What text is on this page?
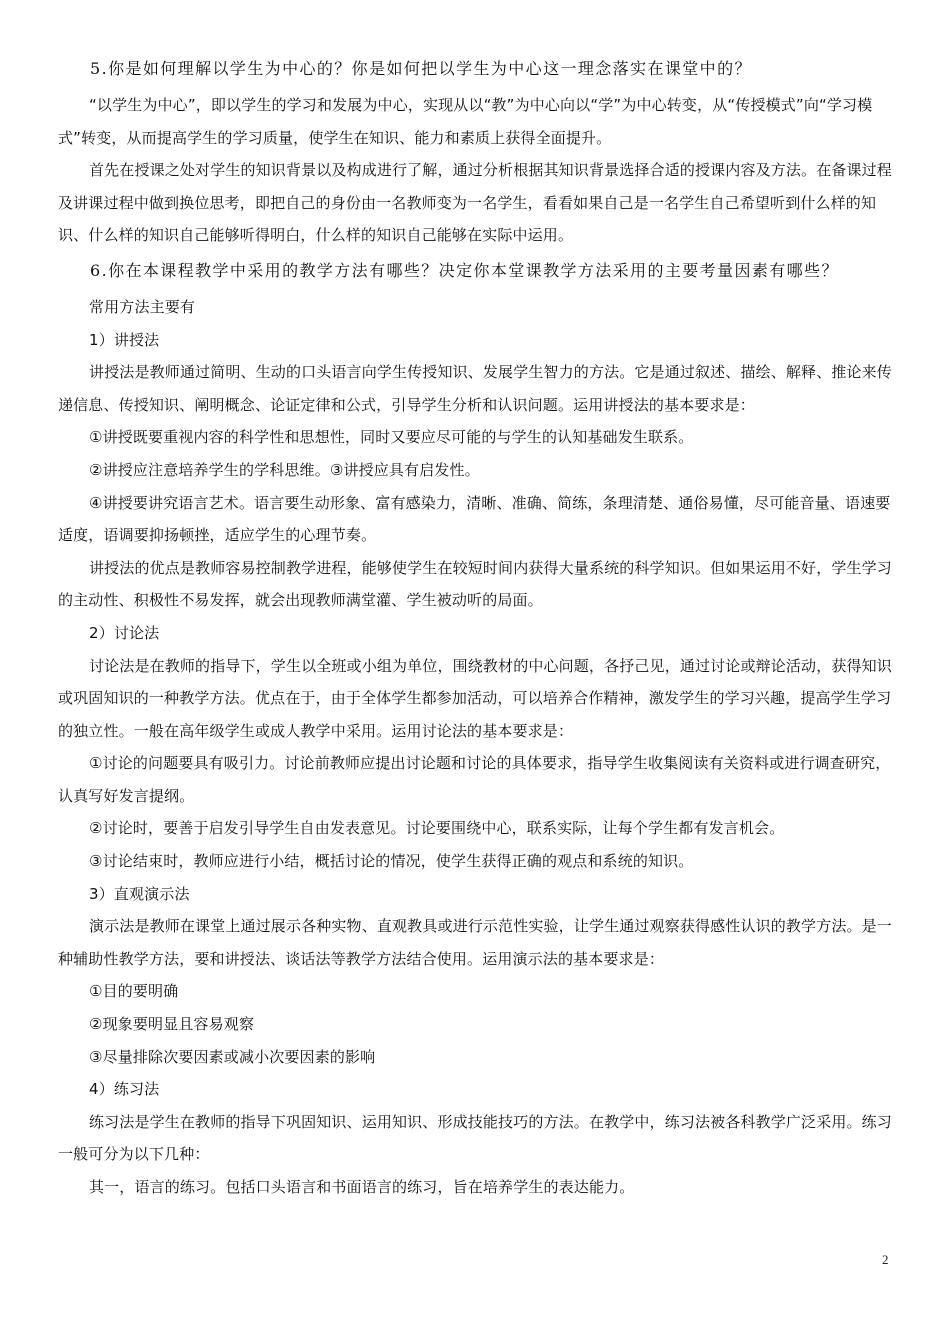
5.你是如何理解以学生为中心的？你是如何把以学生为中心这一理念落实在课堂中的？

“以学生为中心”，即以学生的学习和发展为中心，实现从以“教”为中心向以“学”为中心转变，从“传授模式”向“学习模式”转变，从而提高学生的学习质量，使学生在知识、能力和素质上获得全面提升。

首先在授课之处对学生的知识背景以及构成进行了解，通过分析根据其知识背景选择合适的授课内容及方法。在备课过程及讲课过程中做到换位思考，即把自己的身份由一名教师变为一名学生，看看如果自己是一名学生自己希望听到什么样的知识、什么样的知识自己能够听得明白，什么样的知识自己能够在实际中运用。

6.你在本课程教学中采用的教学方法有哪些？决定你本堂课教学方法采用的主要考量因素有哪些？

常用方法主要有

1）讲授法

讲授法是教师通过简明、生动的口头语言向学生传授知识、发展学生智力的方法。它是通过叙述、描绘、解释、推论来传递信息、传授知识、阐明概念、论证定律和公式，引导学生分析和认识问题。运用讲授法的基本要求是：

①讲授既要重视内容的科学性和思想性，同时又要应尽可能的与学生的认知基础发生联系。

②讲授应注意培养学生的学科思维。③讲授应具有启发性。

④讲授要讲究语言艺术。语言要生动形象、富有感染力，清晰、准确、简练，条理清楚、通俗易懂，尽可能音量、语速要适度，语调要抑扬顿挫，适应学生的心理节奏。

讲授法的优点是教师容易控制教学进程，能够使学生在较短时间内获得大量系统的科学知识。但如果运用不好，学生学习的主动性、积极性不易发挥，就会出现教师满堂灌、学生被动听的局面。

2）讨论法

讨论法是在教师的指导下，学生以全班或小组为单位，围绕教材的中心问题，各抒己见，通过讨论或辩论活动，获得知识或巩固知识的一种教学方法。优点在于，由于全体学生都参加活动，可以培养合作精神，激发学生的学习兴趣，提高学生学习的独立性。一般在高年级学生或成人教学中采用。运用讨论法的基本要求是：

①讨论的问题要具有吸引力。讨论前教师应提出讨论题和讨论的具体要求，指导学生收集阅读有关资料或进行调查研究，认真写好发言提纲。

②讨论时，要善于启发引导学生自由发表意见。讨论要围绕中心，联系实际，让每个学生都有发言机会。

③讨论结束时，教师应进行小结，概括讨论的情况，使学生获得正确的观点和系统的知识。

3）直观演示法

演示法是教师在课堂上通过展示各种实物、直观教具或进行示范性实验，让学生通过观察获得感性认识的教学方法。是一种辅助性教学方法，要和讲授法、谈话法等教学方法结合使用。运用演示法的基本要求是：

①目的要明确

②现象要明显且容易观察

③尽量排除次要因素或减小次要因素的影响

4）练习法

练习法是学生在教师的指导下巩固知识、运用知识、形成技能技巧的方法。在教学中，练习法被各科教学广泛采用。练习一般可分为以下几种：

其一，语言的练习。包括口头语言和书面语言的练习，旨在培养学生的表达能力。

2
